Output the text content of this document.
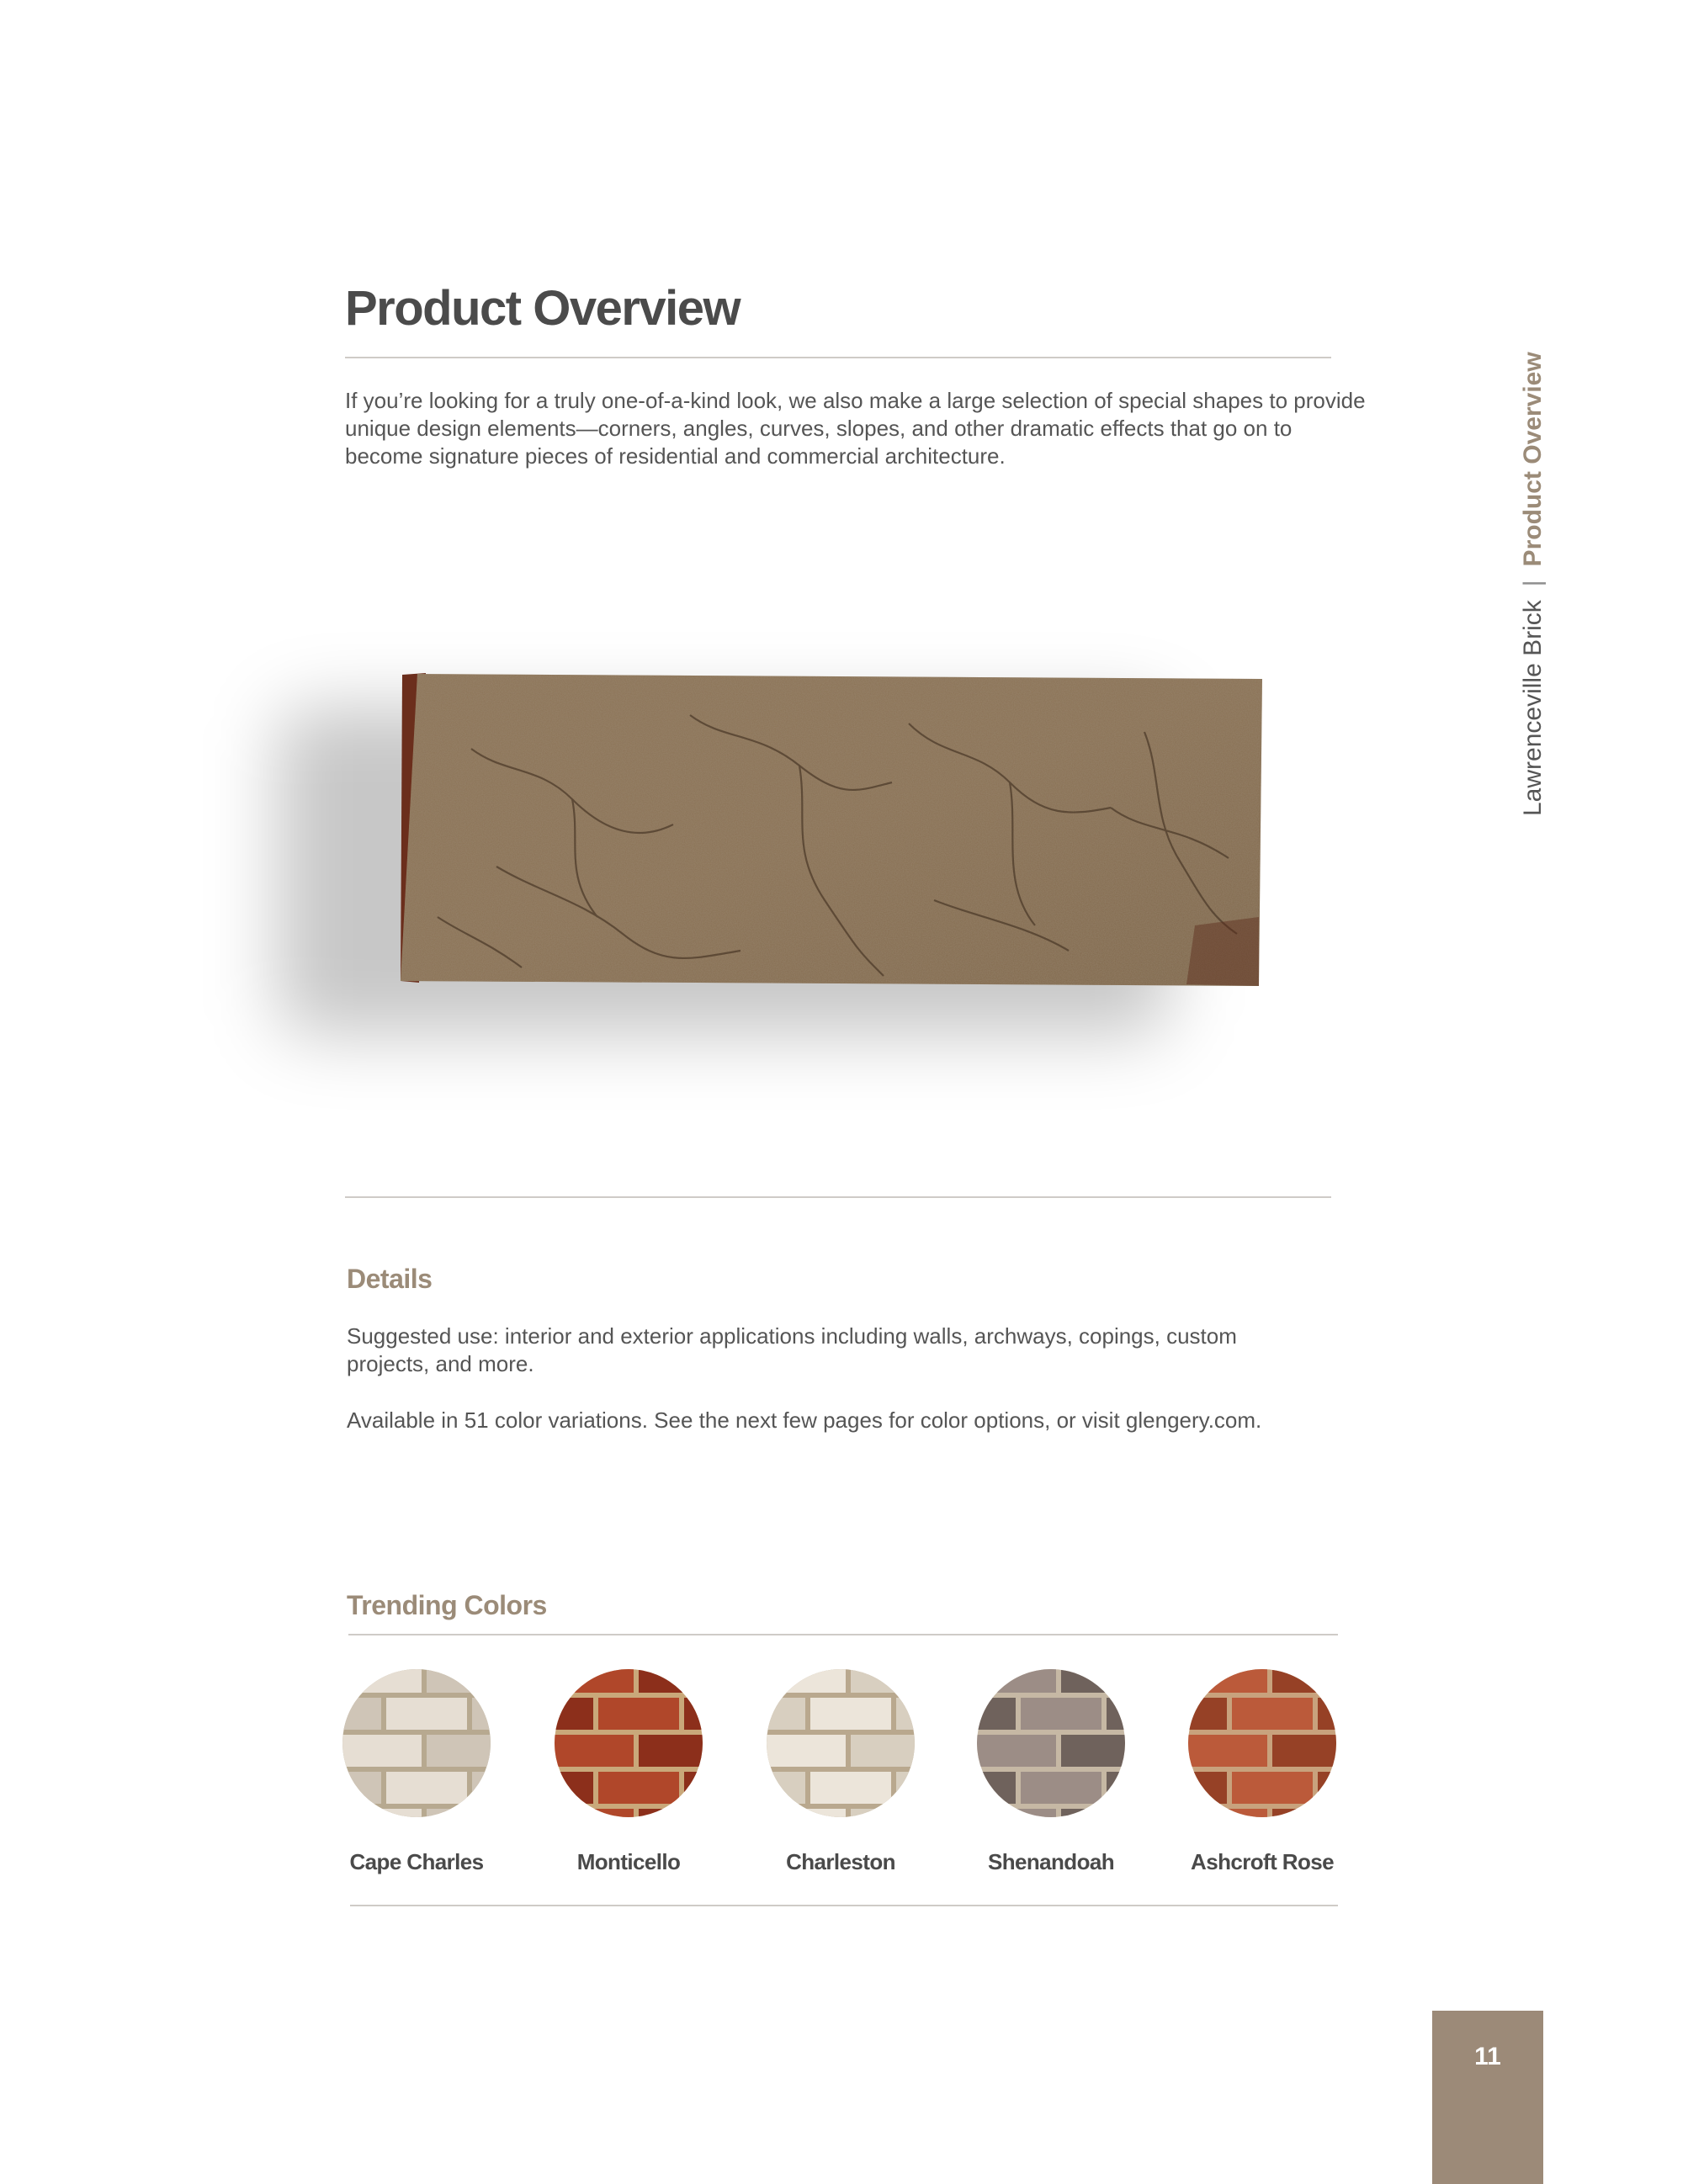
Product Overview

If you’re looking for a truly one-of-a-kind look, we also make a large selection of special shapes to provide unique design elements—corners, angles, curves, slopes, and other dramatic effects that go on to become signature pieces of residential and commercial architecture.

Details

Suggested use: interior and exterior applications including walls, archways, copings, custom projects, and more.

Available in 51 color variations. See the next few pages for color options, or visit glengery.com.

Trending Colors
Cape Charles	Monticello	Charleston	Shenandoah	Ashcroft Rose
Lawrenceville Brick|Product Overview
11
